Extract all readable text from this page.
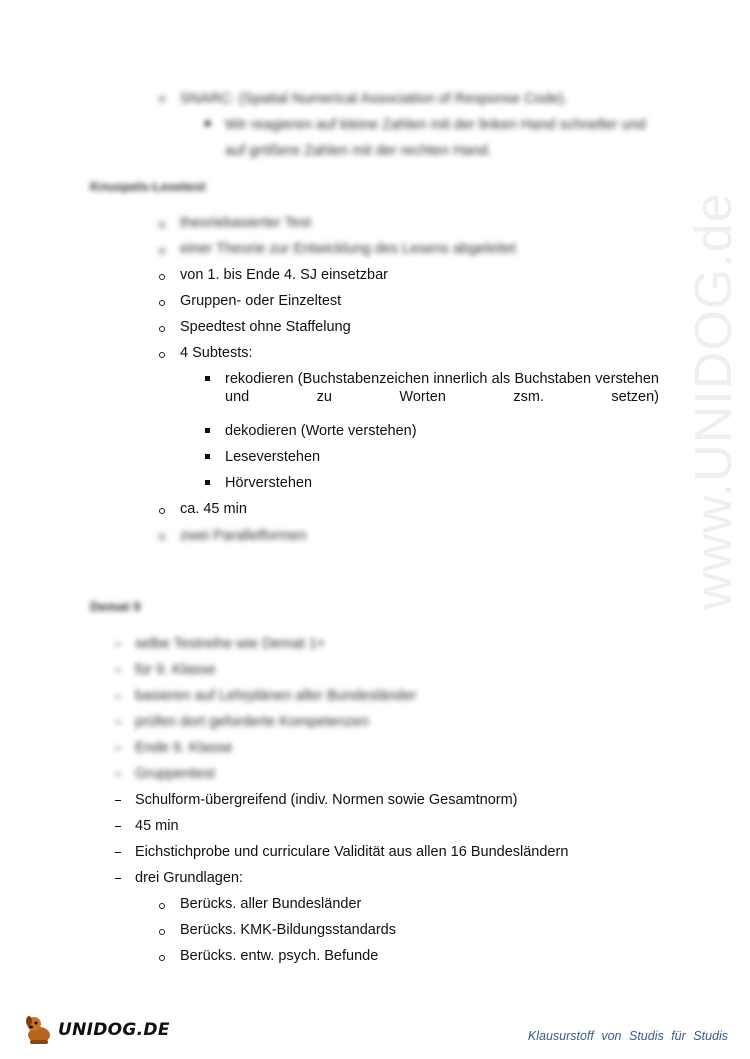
www.UNIDOG.de
SNARC: (Spatial Numerical Association of Response Code).
Wir reagieren auf kleine Zahlen mit der linken Hand schneller und
auf größere Zahlen mit der rechten Hand.
Knuspels-Lesetest
theoriebasierter Test
einer Theorie zur Entwicklung des Lesens abgeleitet
von 1. bis Ende 4. SJ einsetzbar
Gruppen- oder Einzeltest
Speedtest ohne Staffelung
4 Subtests:
rekodieren (Buchstabenzeichen innerlich als Buchstaben verstehen und zu Worten zsm. setzen)
dekodieren (Worte verstehen)
Leseverstehen
Hörverstehen
ca. 45 min
zwei Parallelformen
Demat 9
selbe Testreihe wie Demat 1+
für 9. Klasse
basieren auf Lehrplänen aller Bundesländer
prüfen dort geforderte Kompetenzen
Ende 9. Klasse
Gruppentest
Schulform-übergreifend (indiv. Normen sowie Gesamtnorm)
45 min
Eichstichprobe und curriculare Validität aus allen 16 Bundesländern
drei Grundlagen:
Berücks. aller Bundesländer
Berücks. KMK-Bildungsstandards
Berücks. entw. psych. Befunde
UNIDOG.DE	Klausurstoff von Studis für Studis
